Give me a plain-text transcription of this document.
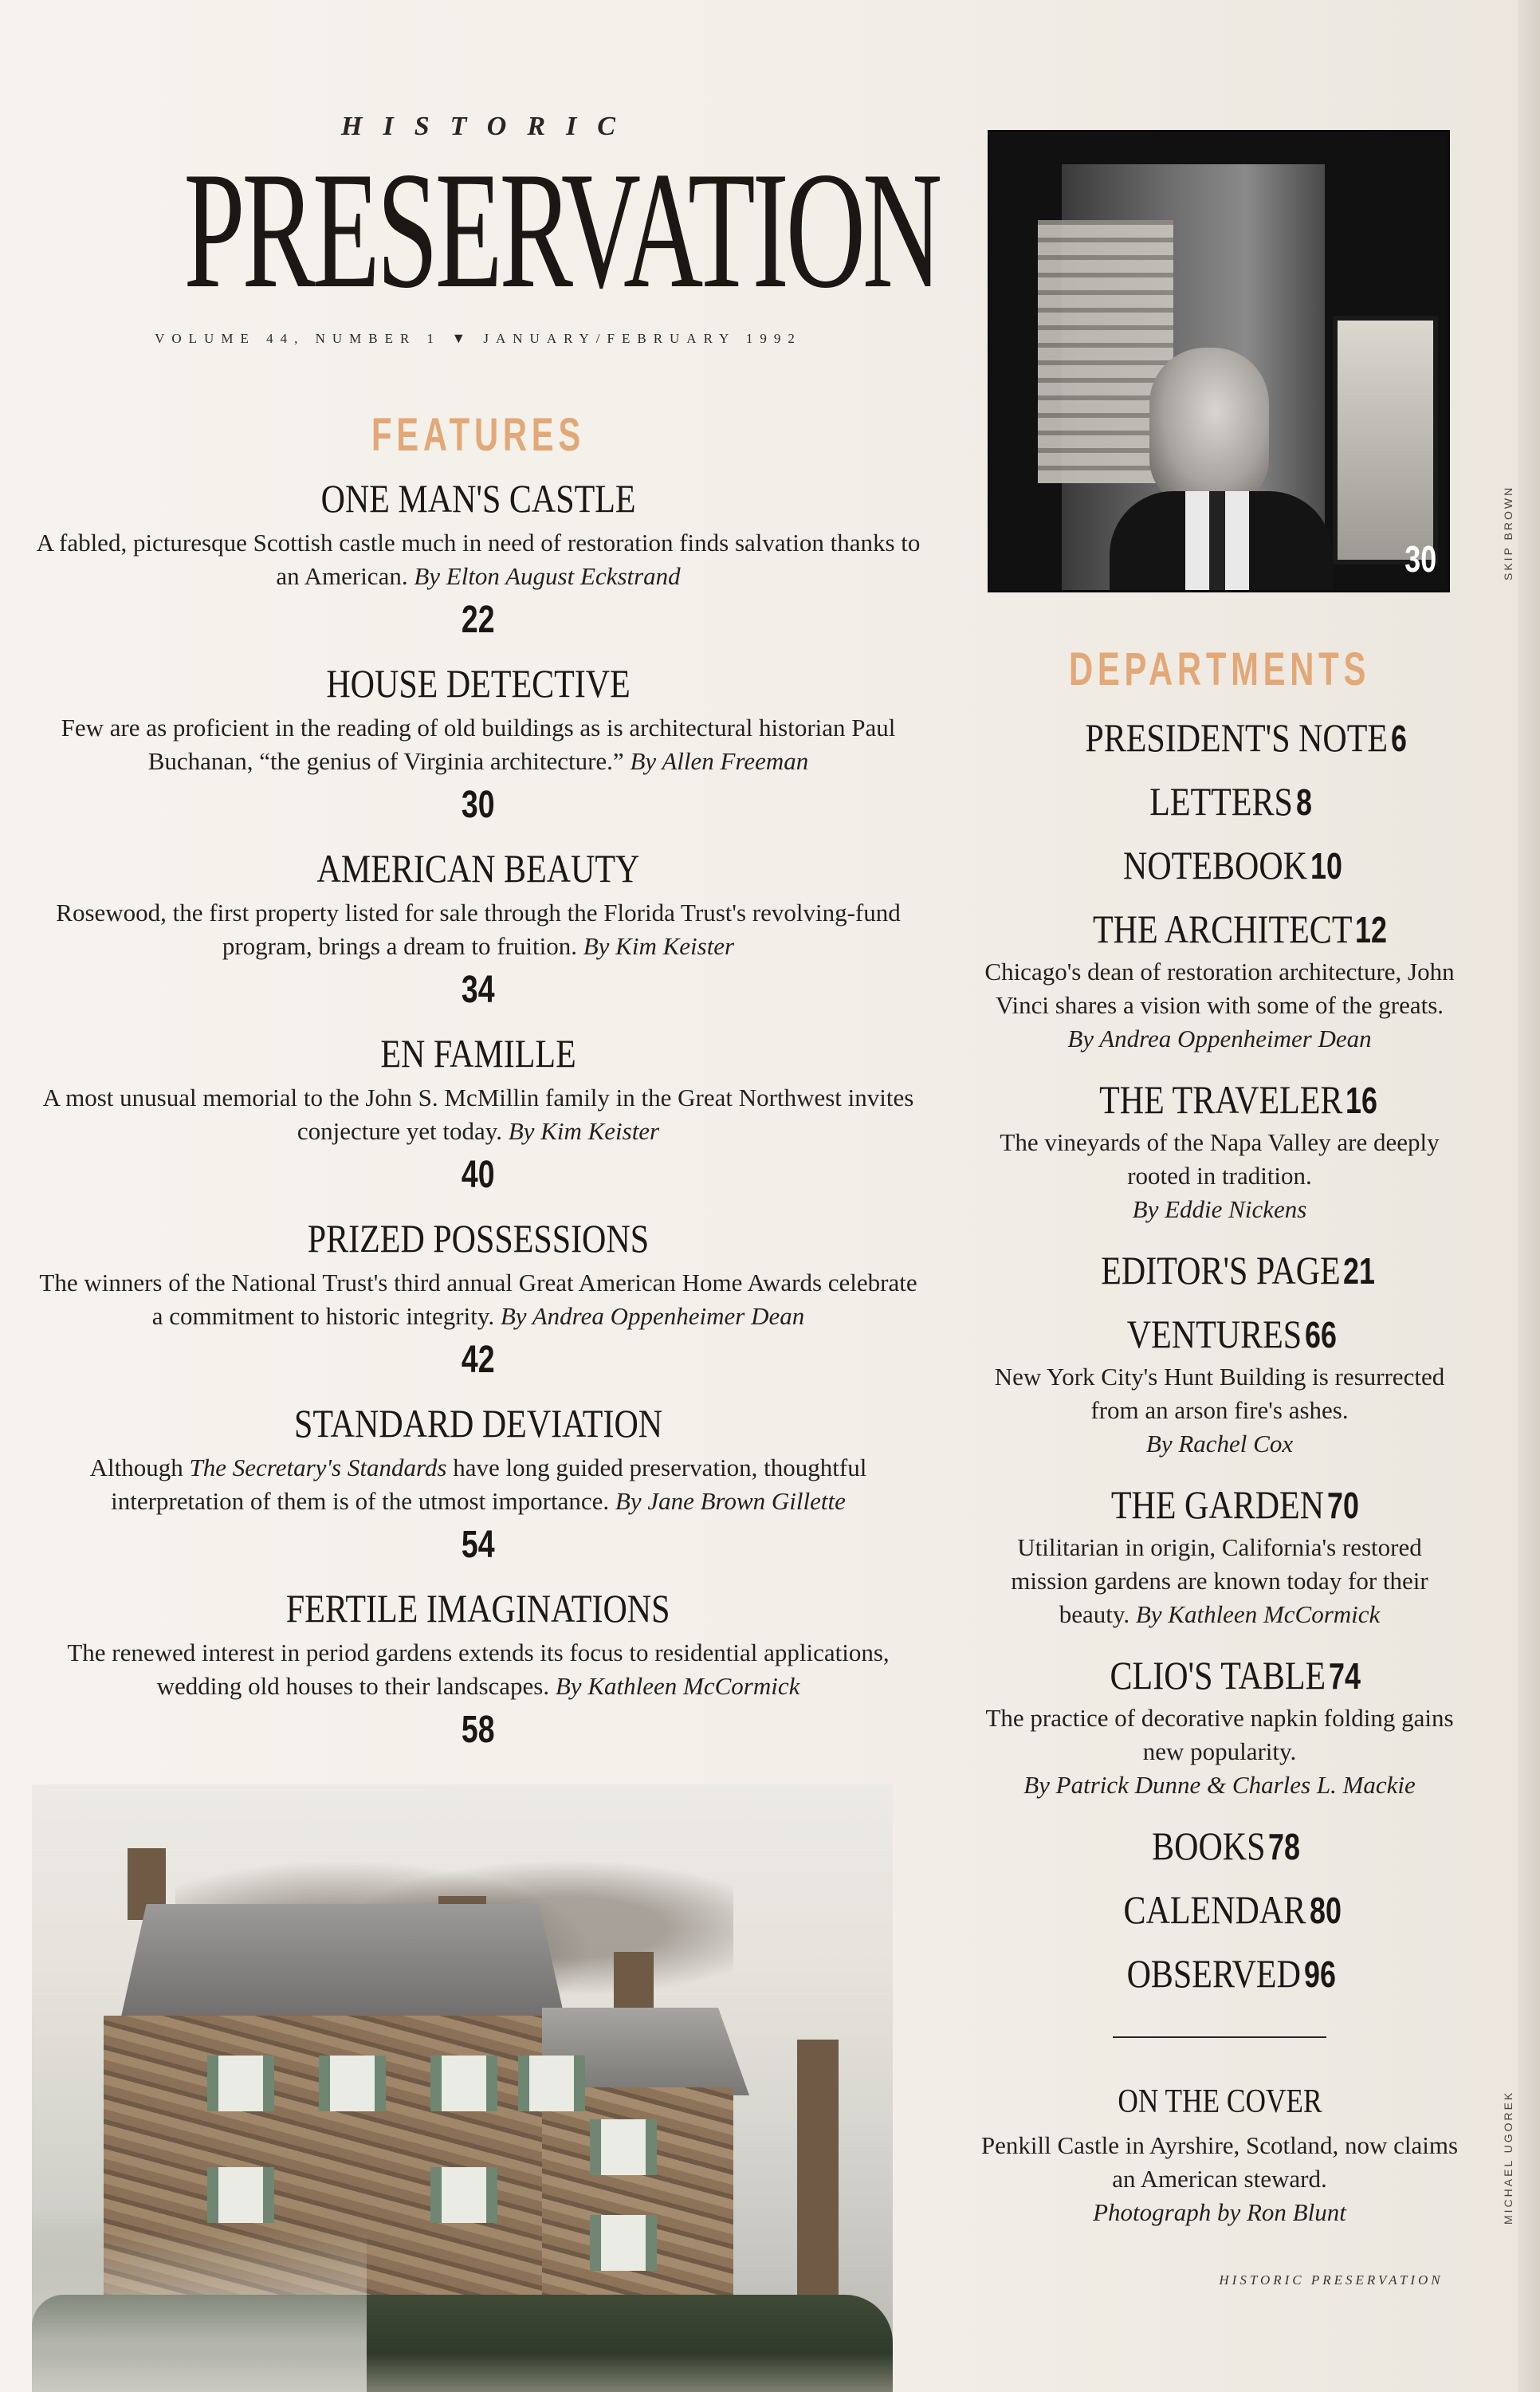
HISTORIC
PRESERVATION
VOLUME 44, NUMBER 1 ▼ JANUARY/FEBRUARY 1992
FEATURES
ONE MAN'S CASTLE
A fabled, picturesque Scottish castle much in need of restoration finds salvation thanks to an American. By Elton August Eckstrand
22
HOUSE DETECTIVE
Few are as proficient in the reading of old buildings as is architectural historian Paul Buchanan, “the genius of Virginia architecture.” By Allen Freeman
30
AMERICAN BEAUTY
Rosewood, the first property listed for sale through the Florida Trust's revolving-fund program, brings a dream to fruition. By Kim Keister
34
EN FAMILLE
A most unusual memorial to the John S. McMillin family in the Great Northwest invites conjecture yet today. By Kim Keister
40
PRIZED POSSESSIONS
The winners of the National Trust's third annual Great American Home Awards celebrate a commitment to historic integrity. By Andrea Oppenheimer Dean
42
STANDARD DEVIATION
Although The Secretary's Standards have long guided preservation, thoughtful interpretation of them is of the utmost importance. By Jane Brown Gillette
54
FERTILE IMAGINATIONS
The renewed interest in period gardens extends its focus to residential applications, wedding old houses to their landscapes. By Kathleen McCormick
58
30	SKIP BROWN
DEPARTMENTS
PRESIDENT'S NOTE6
LETTERS8
NOTEBOOK10
THE ARCHITECT12
Chicago's dean of restoration architecture, John Vinci shares a vision with some of the greats. By Andrea Oppenheimer Dean
THE TRAVELER16
The vineyards of the Napa Valley are deeply rooted in tradition.
By Eddie Nickens
EDITOR'S PAGE21
VENTURES66
New York City's Hunt Building is resurrected from an arson fire's ashes.
By Rachel Cox
THE GARDEN70
Utilitarian in origin, California's restored mission gardens are known today for their beauty. By Kathleen McCormick
CLIO'S TABLE74
The practice of decorative napkin folding gains new popularity.
By Patrick Dunne & Charles L. Mackie
BOOKS78
CALENDAR80
OBSERVED96
ON THE COVER
Penkill Castle in Ayrshire, Scotland, now claims an American steward.
Photograph by Ron Blunt	MICHAEL UGOREK
HISTORIC PRESERVATION
